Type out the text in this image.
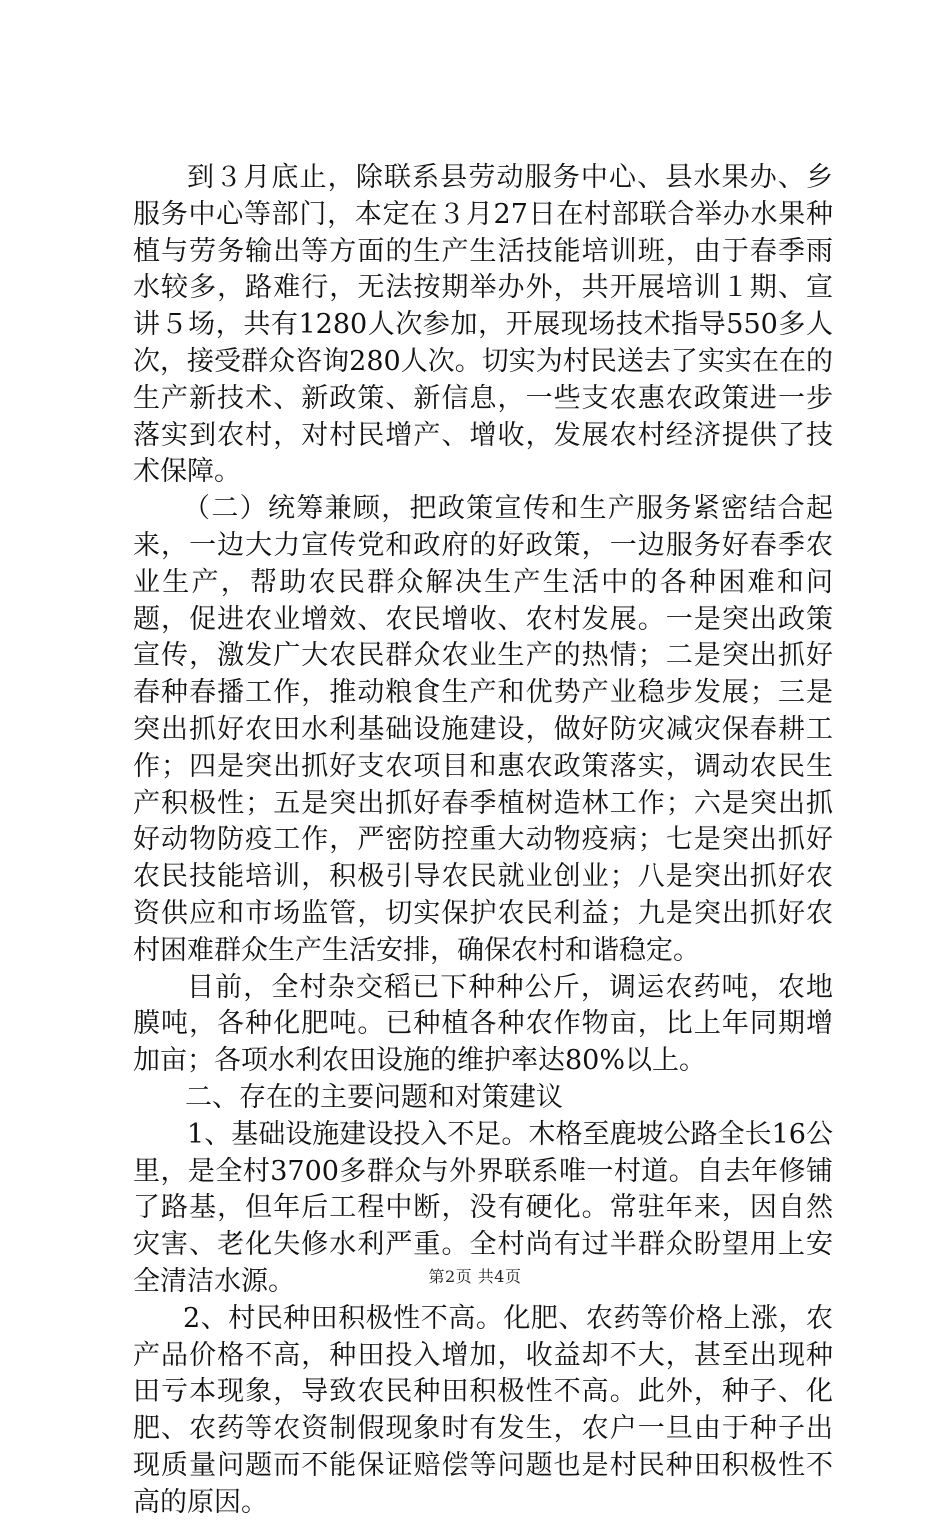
到３月底止，除联系县劳动服务中心、县水果办、乡服务中心等部门，本定在３月27日在村部联合举办水果种植与劳务输出等方面的生产生活技能培训班，由于春季雨水较多，路难行，无法按期举办外，共开展培训１期、宣讲５场，共有1280人次参加，开展现场技术指导550多人次，接受群众咨询280人次。切实为村民送去了实实在在的生产新技术、新政策、新信息，一些支农惠农政策进一步落实到农村，对村民增产、增收，发展农村经济提供了技术保障。

（二）统筹兼顾，把政策宣传和生产服务紧密结合起来，一边大力宣传党和政府的好政策，一边服务好春季农业生产，帮助农民群众解决生产生活中的各种困难和问题，促进农业增效、农民增收、农村发展。一是突出政策宣传，激发广大农民群众农业生产的热情；二是突出抓好春种春播工作，推动粮食生产和优势产业稳步发展；三是突出抓好农田水利基础设施建设，做好防灾减灾保春耕工作；四是突出抓好支农项目和惠农政策落实，调动农民生产积极性；五是突出抓好春季植树造林工作；六是突出抓好动物防疫工作，严密防控重大动物疫病；七是突出抓好农民技能培训，积极引导农民就业创业；八是突出抓好农资供应和市场监管，切实保护农民利益；九是突出抓好农村困难群众生产生活安排，确保农村和谐稳定。

目前，全村杂交稻已下种种公斤，调运农药吨，农地膜吨，各种化肥吨。已种植各种农作物亩，比上年同期增加亩；各项水利农田设施的维护率达80%以上。

二、存在的主要问题和对策建议

1、基础设施建设投入不足。木格至鹿坡公路全长16公里，是全村3700多群众与外界联系唯一村道。自去年修铺了路基，但年后工程中断，没有硬化。常驻年来，因自然灾害、老化失修水利严重。全村尚有过半群众盼望用上安全清洁水源。

2、村民种田积极性不高。化肥、农药等价格上涨，农产品价格不高，种田投入增加，收益却不大，甚至出现种田亏本现象，导致农民种田积极性不高。此外，种子、化肥、农药等农资制假现象时有发生，农户一旦由于种子出现质量问题而不能保证赔偿等问题也是村民种田积极性不高的原因。

第2页 共4页
